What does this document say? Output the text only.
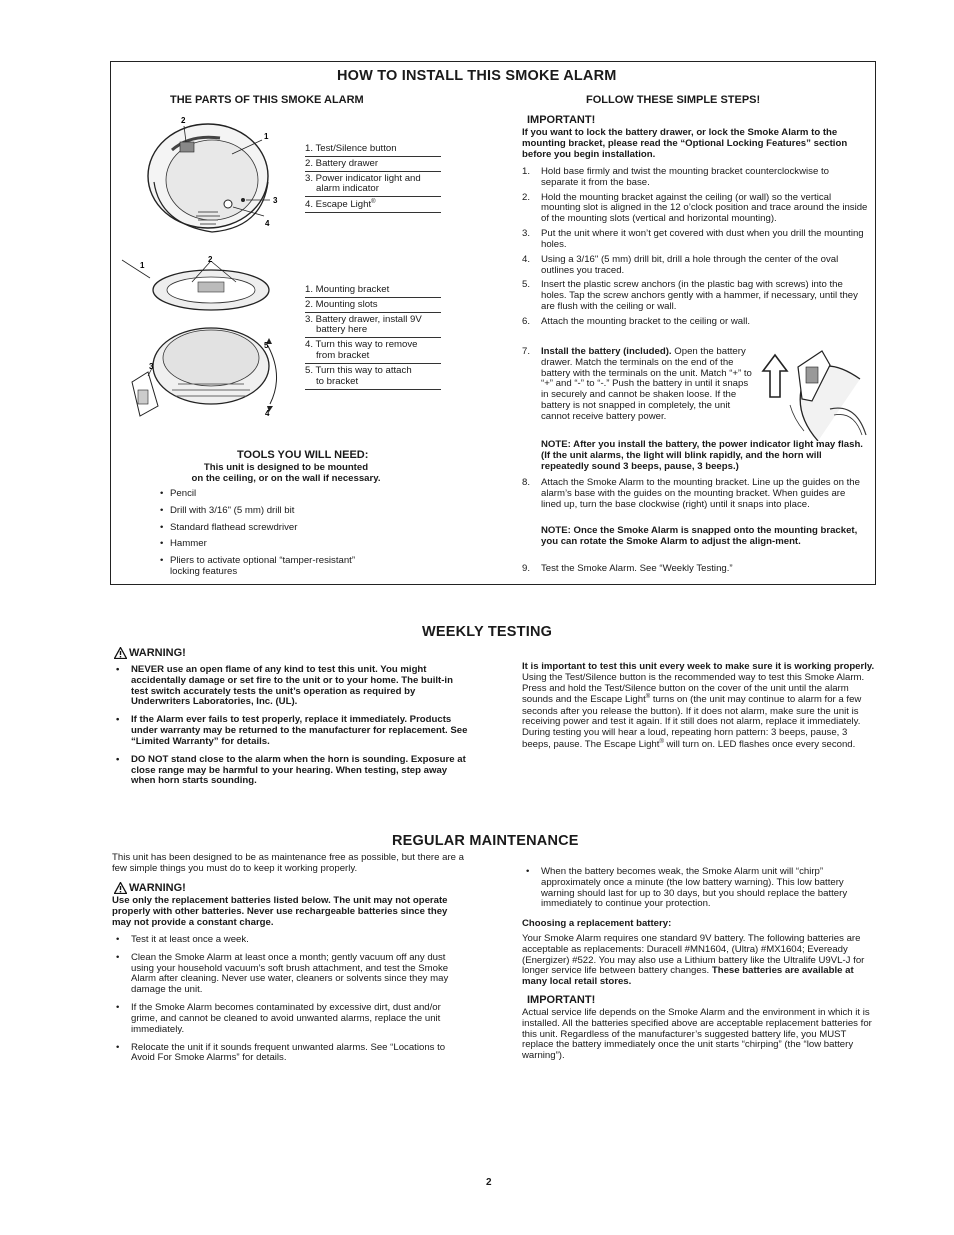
HOW TO INSTALL THIS SMOKE ALARM
THE PARTS OF THIS SMOKE ALARM	FOLLOW THESE SIMPLE STEPS!
2
1
3
4
1. Test/Silence button
2. Battery drawer
3. Power indicator light and
alarm indicator
4. Escape Light®
1
2
5
3
4
1. Mounting bracket
2. Mounting slots
3. Battery drawer, install 9V
battery here
4. Turn this way to remove
from bracket
5. Turn this way to attach
to bracket
TOOLS YOU WILL NEED:
This unit is designed to be mounted
on the ceiling, or on the wall if necessary.
• Pencil
• Drill with 3/16" (5 mm) drill bit
• Standard flathead screwdriver
• Hammer
• Pliers to activate optional “tamper-resistant”
locking features
IMPORTANT!
If you want to lock the battery drawer, or lock the Smoke Alarm to the mounting bracket, please read the “Optional Locking Features” section before you begin installation.
1. Hold base firmly and twist the mounting bracket counterclockwise to separate it from the base.
2. Hold the mounting bracket against the ceiling (or wall) so the vertical mounting slot is aligned in the 12 o’clock position and trace around the inside of the mounting slots (vertical and horizontal mounting).
3. Put the unit where it won’t get covered with dust when you drill the mounting holes.
4. Using a 3/16" (5 mm) drill bit, drill a hole through the center of the oval outlines you traced.
5. Insert the plastic screw anchors (in the plastic bag with screws) into the holes. Tap the screw anchors gently with a hammer, if necessary, until they are flush with the ceiling or wall.
6. Attach the mounting bracket to the ceiling or wall.
7. Install the battery (included). Open the battery drawer. Match the terminals on the end of the battery with the terminals on the unit. Match “+” to “+” and “-” to “-.” Push the battery in until it snaps in securely and cannot be shaken loose. If the battery is not snapped in completely, the unit cannot receive battery power.
NOTE: After you install the battery, the power indicator light may flash. (If the unit alarms, the light will blink rapidly, and the horn will repeatedly sound 3 beeps, pause, 3 beeps.)
8. Attach the Smoke Alarm to the mounting bracket. Line up the guides on the alarm’s base with the guides on the mounting bracket. When guides are lined up, turn the base clockwise (right) until it snaps into place.
NOTE: Once the Smoke Alarm is snapped onto the mounting bracket, you can rotate the Smoke Alarm to adjust the align-ment.
9. Test the Smoke Alarm. See “Weekly Testing.”
WEEKLY TESTING
WARNING!
• NEVER use an open flame of any kind to test this unit. You might accidentally damage or set fire to the unit or to your home. The built-in test switch accurately tests the unit’s operation as required by Underwriters Laboratories, Inc. (UL).
• If the Alarm ever fails to test properly, replace it immediately. Products under warranty may be returned to the manufacturer for replacement. See “Limited Warranty” for details.
• DO NOT stand close to the alarm when the horn is sounding. Exposure at close range may be harmful to your hearing. When testing, step away when horn starts sounding.

It is important to test this unit every week to make sure it is working properly. Using the Test/Silence button is the recommended way to test this Smoke Alarm. Press and hold the Test/Silence button on the cover of the unit until the alarm sounds and the Escape Light® turns on (the unit may continue to alarm for a few seconds after you release the button). If it does not alarm, make sure the unit is receiving power and test it again. If it still does not alarm, replace it immediately.

During testing you will hear a loud, repeating horn pattern: 3 beeps, pause, 3 beeps, pause. The Escape Light® will turn on. LED flashes once every second.

REGULAR MAINTENANCE
This unit has been designed to be as maintenance free as possible, but there are a few simple things you must do to keep it working properly.
WARNING!
Use only the replacement batteries listed below. The unit may not operate properly with other batteries. Never use rechargeable batteries since they may not provide a constant charge.
• Test it at least once a week.
• Clean the Smoke Alarm at least once a month; gently vacuum off any dust using your household vacuum’s soft brush attachment, and test the Smoke Alarm after cleaning. Never use water, cleaners or solvents since they may damage the unit.
• If the Smoke Alarm becomes contaminated by excessive dirt, dust and/or grime, and cannot be cleaned to avoid unwanted alarms, replace the unit immediately.
• Relocate the unit if it sounds frequent unwanted alarms. See “Locations to Avoid For Smoke Alarms” for details.
• When the battery becomes weak, the Smoke Alarm unit will “chirp” approximately once a minute (the low battery warning). This low battery warning should last for up to 30 days, but you should replace the battery immediately to continue your protection.
Choosing a replacement battery:
Your Smoke Alarm requires one standard 9V battery. The following batteries are acceptable as replacements: Duracell #MN1604, (Ultra) #MX1604; Eveready (Energizer) #522. You may also use a Lithium battery like the Ultralife U9VL-J for longer service life between battery changes. These batteries are available at many local retail stores.
IMPORTANT!
Actual service life depends on the Smoke Alarm and the environment in which it is installed. All the batteries specified above are acceptable replacement batteries for this unit. Regardless of the manufacturer’s suggested battery life, you MUST replace the battery immediately once the unit starts “chirping” (the “low battery warning”).
2
